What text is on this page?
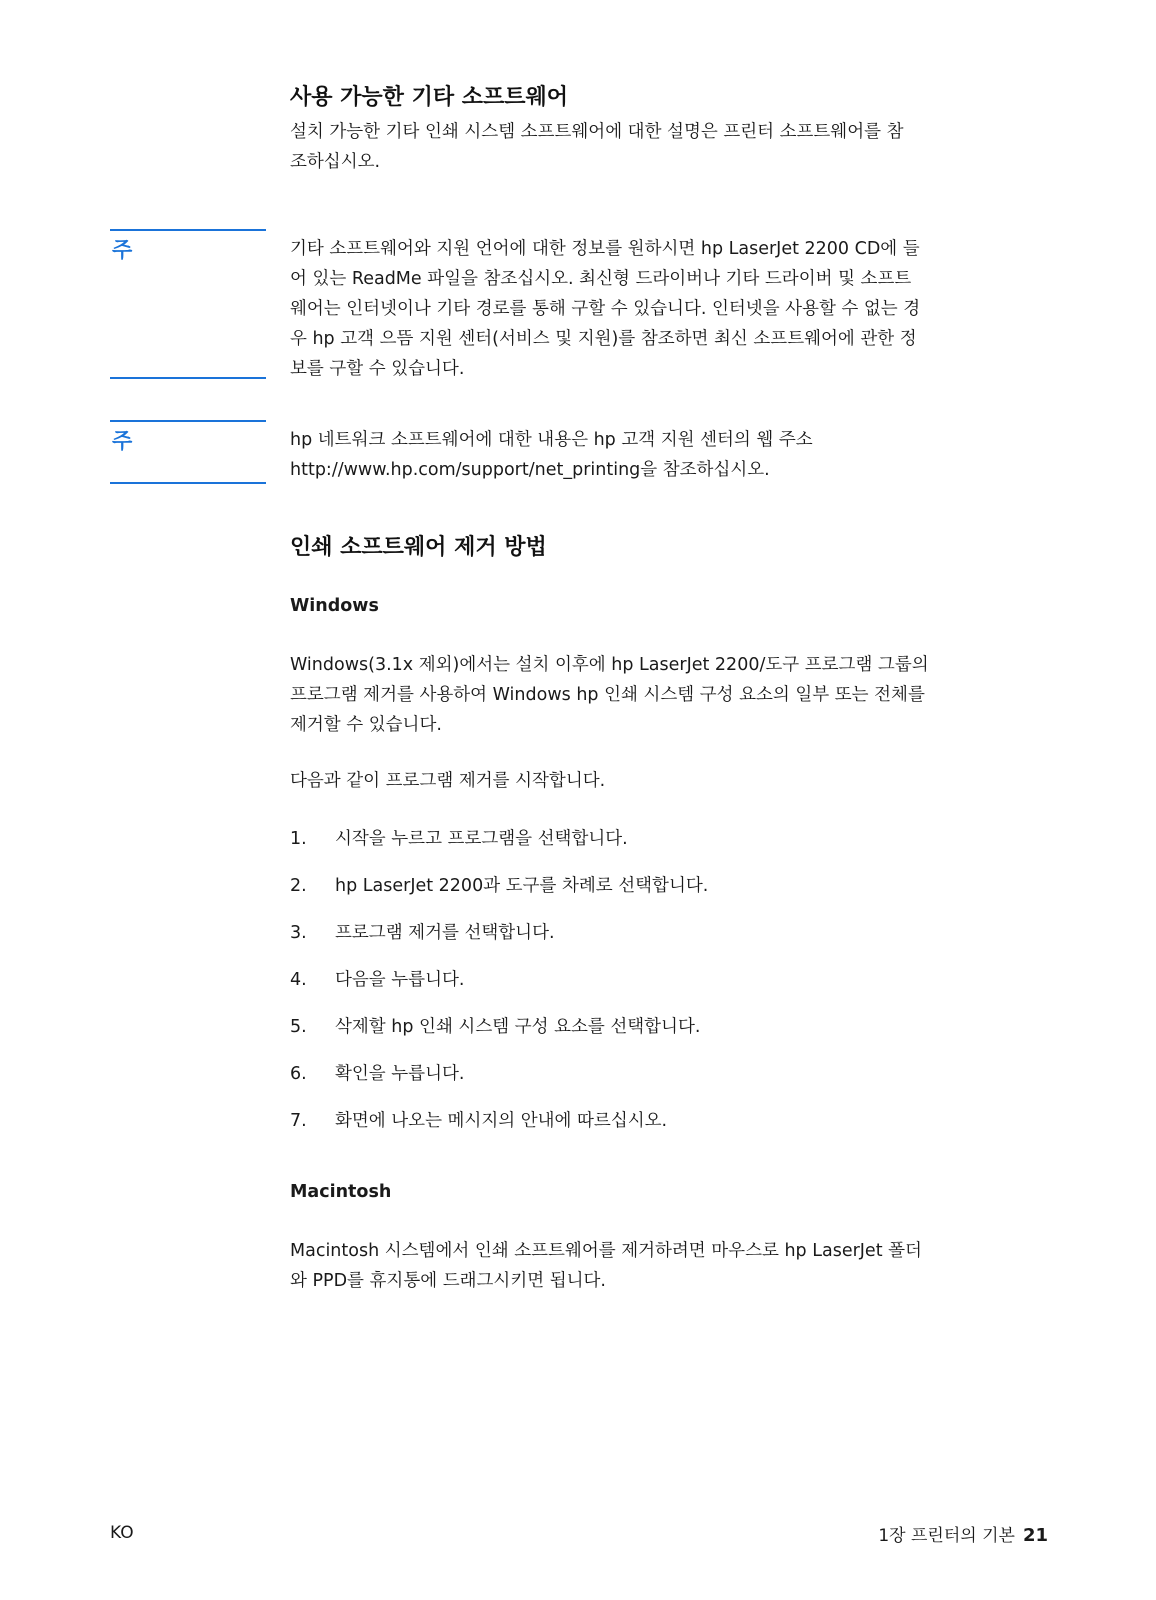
사용 가능한 기타 소프트웨어

설치 가능한 기타 인쇄 시스템 소프트웨어에 대한 설명은 프린터 소프트웨어를 참

조하십시오.

주	기타 소프트웨어와 지원 언어에 대한 정보를 원하시면 hp LaserJet 2200 CD에 들

어 있는 ReadMe 파일을 참조십시오. 최신형 드라이버나 기타 드라이버 및 소프트

웨어는 인터넷이나 기타 경로를 통해 구할 수 있습니다. 인터넷을 사용할 수 없는 경

우 hp 고객 으뜸 지원 센터(서비스 및 지원)를 참조하면 최신 소프트웨어에 관한 정

보를 구할 수 있습니다.

주	hp 네트워크 소프트웨어에 대한 내용은 hp 고객 지원 센터의 웹 주소

http://www.hp.com/support/net_printing을 참조하십시오.

인쇄 소프트웨어 제거 방법
Windows

Windows(3.1x 제외)에서는 설치 이후에 hp LaserJet 2200/도구 프로그램 그룹의

프로그램 제거를 사용하여 Windows hp 인쇄 시스템 구성 요소의 일부 또는 전체를

제거할 수 있습니다.

다음과 같이 프로그램 제거를 시작합니다.

1.	시작을 누르고 프로그램을 선택합니다.
2.	hp LaserJet 2200과 도구를 차례로 선택합니다.
3.	프로그램 제거를 선택합니다.
4.	다음을 누릅니다.
5.	삭제할 hp 인쇄 시스템 구성 요소를 선택합니다.
6.	확인을 누릅니다.
7.	화면에 나오는 메시지의 안내에 따르십시오.
Macintosh

Macintosh 시스템에서 인쇄 소프트웨어를 제거하려면 마우스로 hp LaserJet 폴더

와 PPD를 휴지통에 드래그시키면 됩니다.

KO	1장 프린터의 기본 21
